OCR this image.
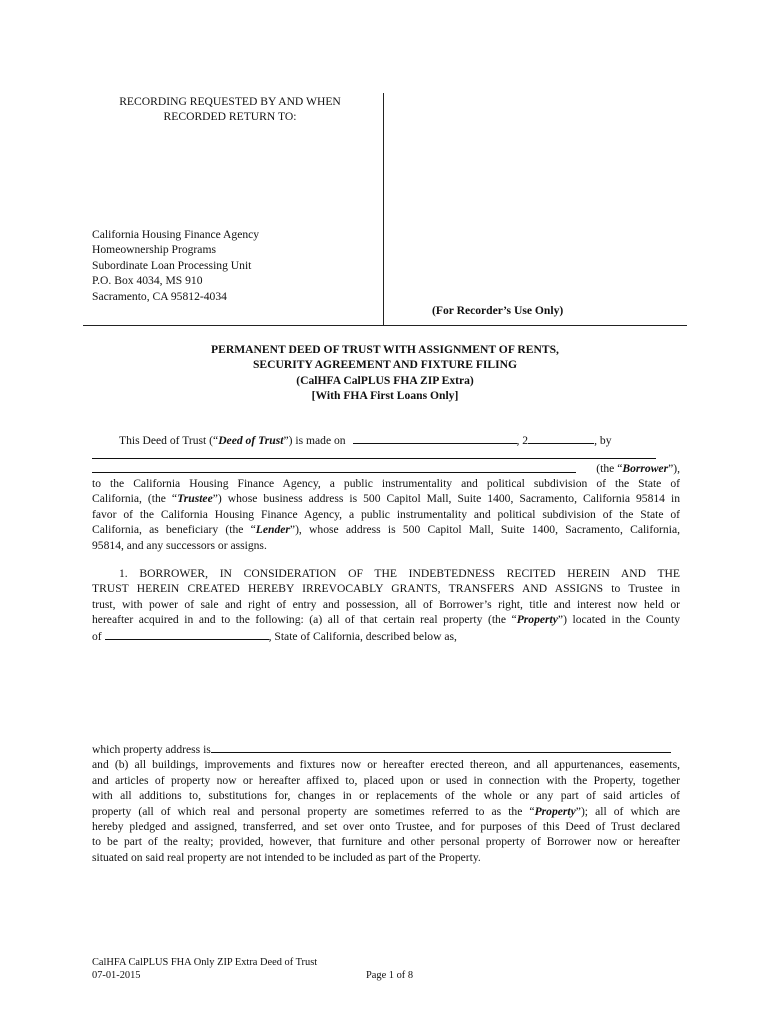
RECORDING REQUESTED BY AND WHEN
RECORDED RETURN TO:
California Housing Finance Agency
Homeownership Programs
Subordinate Loan Processing Unit
P.O. Box 4034, MS 910
Sacramento, CA 95812-4034
(For Recorder’s Use Only)
PERMANENT DEED OF TRUST WITH ASSIGNMENT OF RENTS,
SECURITY AGREEMENT AND FIXTURE FILING
(CalHFA CalPLUS FHA ZIP Extra)
[With FHA First Loans Only]
This Deed of Trust (“Deed of Trust”) is made on	, 2	, by
(the “Borrower”),
to the California Housing Finance Agency, a public instrumentality and political subdivision of the State of
California, (the “Trustee”) whose business address is 500 Capitol Mall, Suite 1400, Sacramento, California 95814 in
favor of the California Housing Finance Agency, a public instrumentality and political subdivision of the State of
California, as beneficiary (the “Lender”), whose address is 500 Capitol Mall, Suite 1400, Sacramento, California,
95814, and any successors or assigns.
1. BORROWER, IN CONSIDERATION OF THE INDEBTEDNESS RECITED HEREIN AND THE
TRUST HEREIN CREATED HEREBY IRREVOCABLY GRANTS, TRANSFERS AND ASSIGNS to Trustee in
trust, with power of sale and right of entry and possession, all of Borrower’s right, title and interest now held or
hereafter acquired in and to the following: (a) all of that certain real property (the “Property”) located in the County
of	, State of California, described below as,
which property address is
and (b) all buildings, improvements and fixtures now or hereafter erected thereon, and all appurtenances, easements,
and articles of property now or hereafter affixed to, placed upon or used in connection with the Property, together
with all additions to, substitutions for, changes in or replacements of the whole or any part of said articles of
property (all of which real and personal property are sometimes referred to as the “Property”); all of which are
hereby pledged and assigned, transferred, and set over onto Trustee, and for purposes of this Deed of Trust declared
to be part of the realty; provided, however, that furniture and other personal property of Borrower now or hereafter
situated on said real property are not intended to be included as part of the Property.
CalHFA CalPLUS FHA Only ZIP Extra Deed of Trust
07-01-2015	Page 1 of 8
